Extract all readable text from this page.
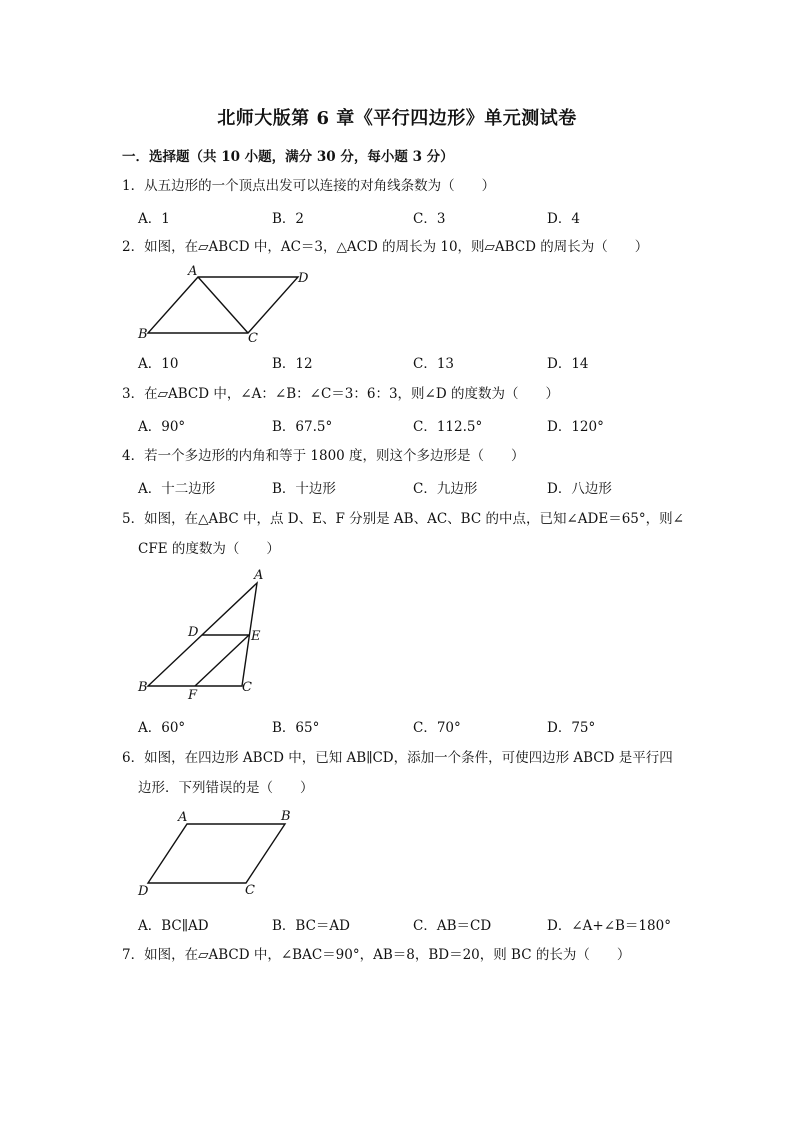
北师大版第 6 章《平行四边形》单元测试卷
一．选择题（共 10 小题，满分 30 分，每小题 3 分）
1．从五边形的一个顶点出发可以连接的对角线条数为（　　）
A．1	B．2	C．3	D．4
2．如图，在▱ABCD 中，AC＝3，△ACD 的周长为 10，则▱ABCD 的周长为（　　）
A	D
B	C
A．10	B．12	C．13	D．14
3．在▱ABCD 中，∠A：∠B：∠C＝3：6：3，则∠D 的度数为（　　）
A．90°	B．67.5°	C．112.5°	D．120°
4．若一个多边形的内角和等于 1800 度，则这个多边形是（　　）
A．十二边形	B．十边形	C．九边形	D．八边形
5．如图，在△ABC 中，点 D、E、F 分别是 AB、AC、BC 的中点，已知∠ADE＝65°，则∠
CFE 的度数为（　　）
A
D	E
B
F
C
A．60°	B．65°	C．70°	D．75°
6．如图，在四边形 ABCD 中，已知 AB∥CD，添加一个条件，可使四边形 ABCD 是平行四
边形．下列错误的是（　　）
A	B
D	C
A．BC∥AD	B．BC＝AD	C．AB＝CD	D．∠A+∠B＝180°
7．如图，在▱ABCD 中，∠BAC＝90°，AB＝8，BD＝20，则 BC 的长为（　　）
